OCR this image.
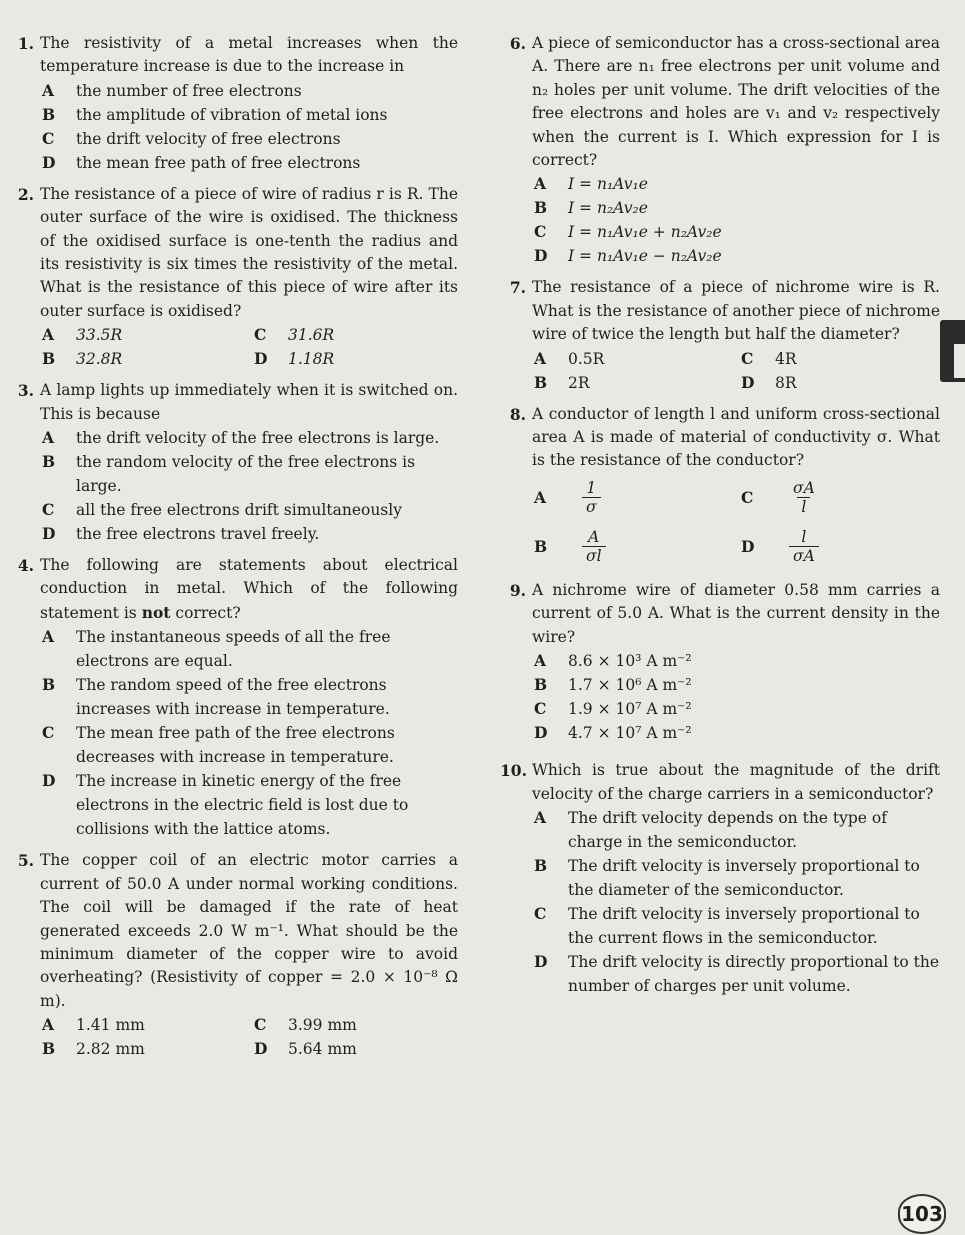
1. The resistivity of a metal increases when the temperature increase is due to the increase in
A	the number of free electrons
B	the amplitude of vibration of metal ions
C	the drift velocity of free electrons
D	the mean free path of free electrons
2. The resistance of a piece of wire of radius r is R. The outer surface of the wire is oxidised. The thickness of the oxidised surface is one-tenth the radius and its resistivity is six times the resistivity of the metal. What is the resistance of this piece of wire after its outer surface is oxidised?
A	33.5R	C	31.6R
B	32.8R	D	1.18R
3. A lamp lights up immediately when it is switched on. This is because
A	the drift velocity of the free electrons is large.
B	the random velocity of the free electrons is large.
C	all the free electrons drift simultaneously
D	the free electrons travel freely.
4. The following are statements about electrical conduction in metal. Which of the following statement is not correct?
A	The instantaneous speeds of all the free electrons are equal.
B	The random speed of the free electrons increases with increase in temperature.
C	The mean free path of the free electrons decreases with increase in temperature.
D	The increase in kinetic energy of the free electrons in the electric field is lost due to collisions with the lattice atoms.
5. The copper coil of an electric motor carries a current of 50.0 A under normal working conditions. The coil will be damaged if the rate of heat generated exceeds 2.0 W m⁻¹. What should be the minimum diameter of the copper wire to avoid overheating? (Resistivity of copper = 2.0 × 10⁻⁸ Ω m).
A	1.41 mm	C	3.99 mm
B	2.82 mm	D	5.64 mm
6. A piece of semiconductor has a cross-sectional area A. There are n₁ free electrons per unit volume and n₂ holes per unit volume. The drift velocities of the free electrons and holes are v₁ and v₂ respectively when the current is I. Which expression for I is correct?
A	I = n₁Av₁e
B	I = n₂Av₂e
C	I = n₁Av₁e + n₂Av₂e
D	I = n₁Av₁e − n₂Av₂e
7. The resistance of a piece of nichrome wire is R. What is the resistance of another piece of nichrome wire of twice the length but half the diameter?
A	0.5R	C	4R
B	2R	D	8R
8. A conductor of length l and uniform cross-sectional area A is made of material of conductivity σ. What is the resistance of the conductor?
A	$\frac{1}{\sigma}$	C	$\frac{\sigma A}{l}$
B	$\frac{A}{\sigma l}$	D	$\frac{l}{\sigma A}$
9. A nichrome wire of diameter 0.58 mm carries a current of 5.0 A. What is the current density in the wire?
A	8.6 × 10³ A m⁻²
B	1.7 × 10⁶ A m⁻²
C	1.9 × 10⁷ A m⁻²
D	4.7 × 10⁷ A m⁻²
10. Which is true about the magnitude of the drift velocity of the charge carriers in a semiconductor?
A	The drift velocity depends on the type of charge in the semiconductor.
B	The drift velocity is inversely proportional to the diameter of the semiconductor.
C	The drift velocity is inversely proportional to the current flows in the semiconductor.
D	The drift velocity is directly proportional to the number of charges per unit volume.
103
